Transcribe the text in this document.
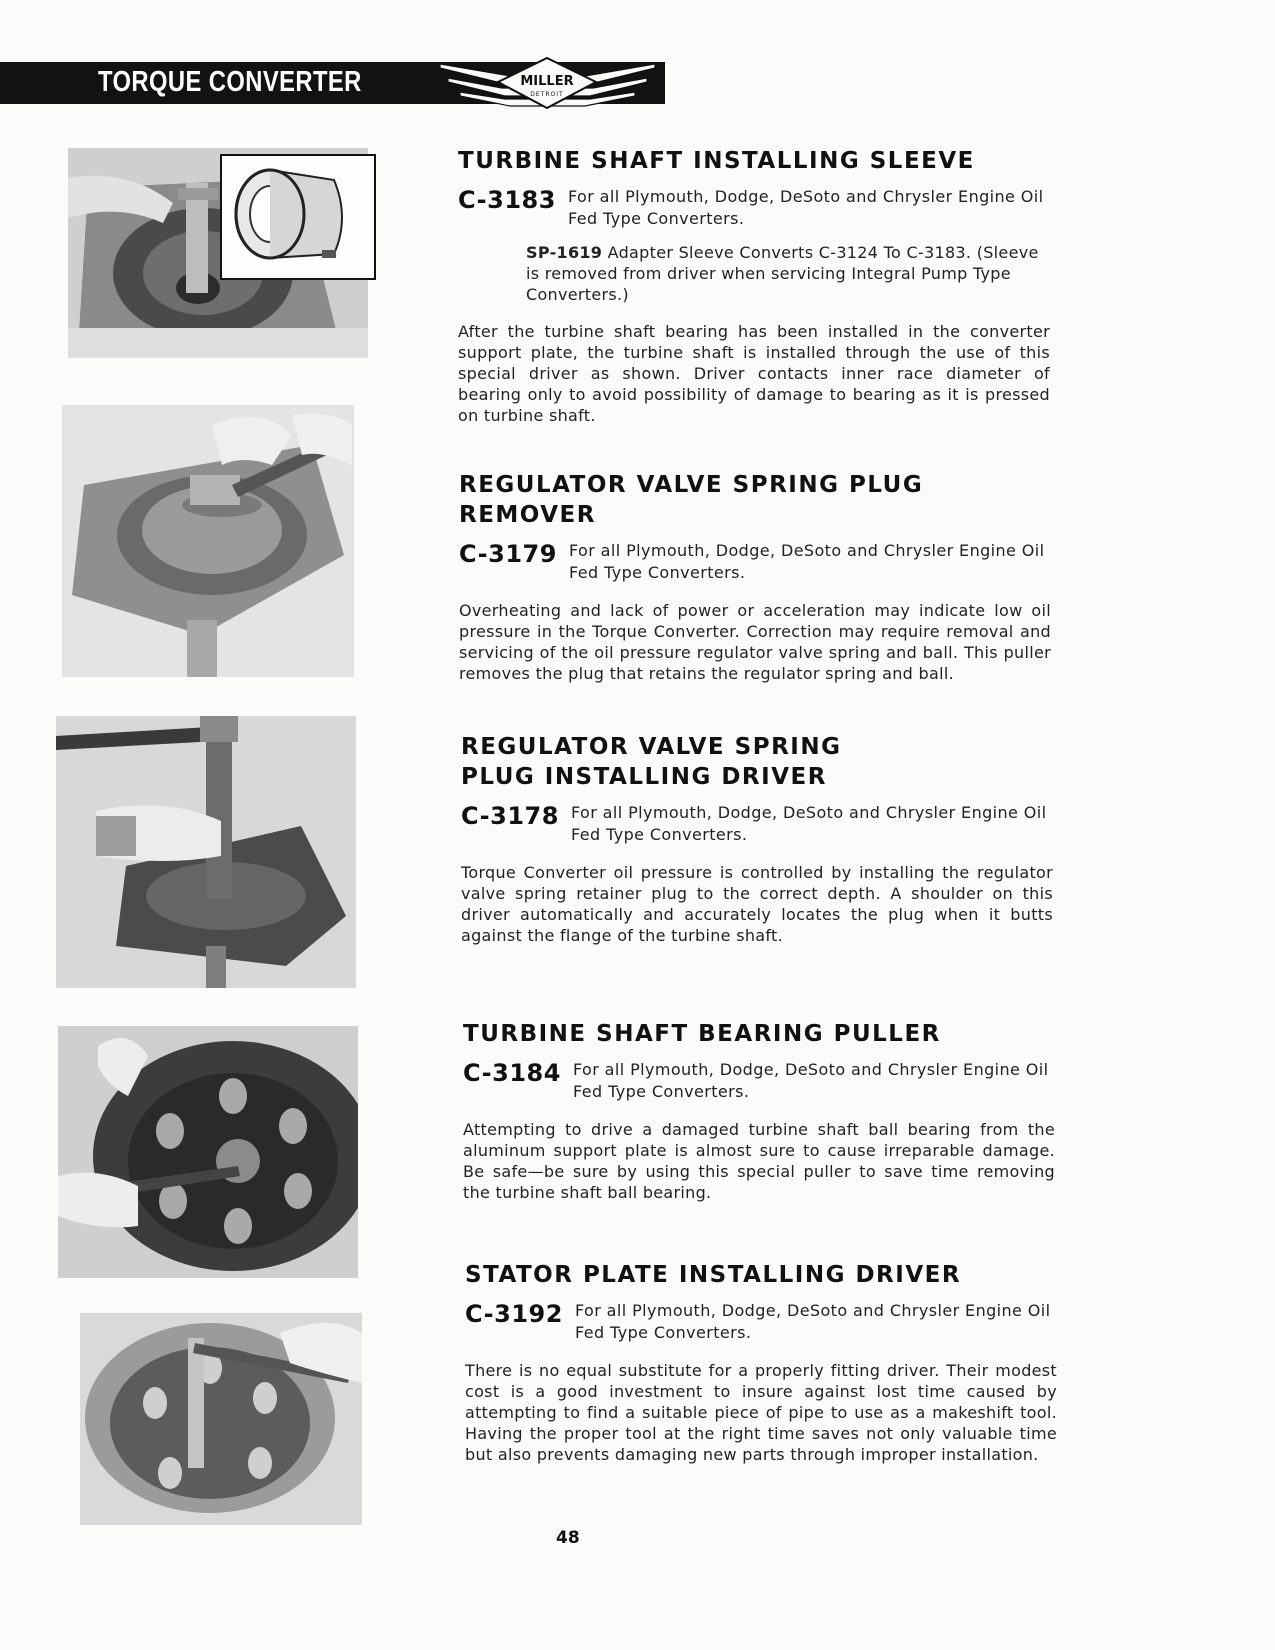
TORQUE CONVERTER	MILLER
DETROIT
TURBINE SHAFT INSTALLING SLEEVE
C-3183 For all Plymouth, Dodge, DeSoto and Chrysler Engine Oil Fed Type Converters.
SP-1619 Adapter Sleeve Converts C-3124 To C-3183. (Sleeve is removed from driver when servicing Integral Pump Type Converters.)
After the turbine shaft bearing has been installed in the converter support plate, the turbine shaft is installed through the use of this special driver as shown. Driver contacts inner race diameter of bearing only to avoid possibility of damage to bearing as it is pressed on turbine shaft.
REGULATOR VALVE SPRING PLUG REMOVER
C-3179 For all Plymouth, Dodge, DeSoto and Chrysler Engine Oil Fed Type Converters.
Overheating and lack of power or acceleration may indicate low oil pressure in the Torque Converter. Correction may require removal and servicing of the oil pressure regulator valve spring and ball. This puller removes the plug that retains the regulator spring and ball.
REGULATOR VALVE SPRING
PLUG INSTALLING DRIVER
C-3178 For all Plymouth, Dodge, DeSoto and Chrysler Engine Oil Fed Type Converters.
Torque Converter oil pressure is controlled by installing the regulator valve spring retainer plug to the correct depth. A shoulder on this driver automatically and accurately locates the plug when it butts against the flange of the turbine shaft.
TURBINE SHAFT BEARING PULLER
C-3184 For all Plymouth, Dodge, DeSoto and Chrysler Engine Oil Fed Type Converters.
Attempting to drive a damaged turbine shaft ball bearing from the aluminum support plate is almost sure to cause irreparable damage. Be safe—be sure by using this special puller to save time removing the turbine shaft ball bearing.
STATOR PLATE INSTALLING DRIVER
C-3192 For all Plymouth, Dodge, DeSoto and Chrysler Engine Oil Fed Type Converters.
There is no equal substitute for a properly fitting driver. Their modest cost is a good investment to insure against lost time caused by attempting to find a suitable piece of pipe to use as a makeshift tool. Having the proper tool at the right time saves not only valuable time but also prevents damaging new parts through improper installation.
48
